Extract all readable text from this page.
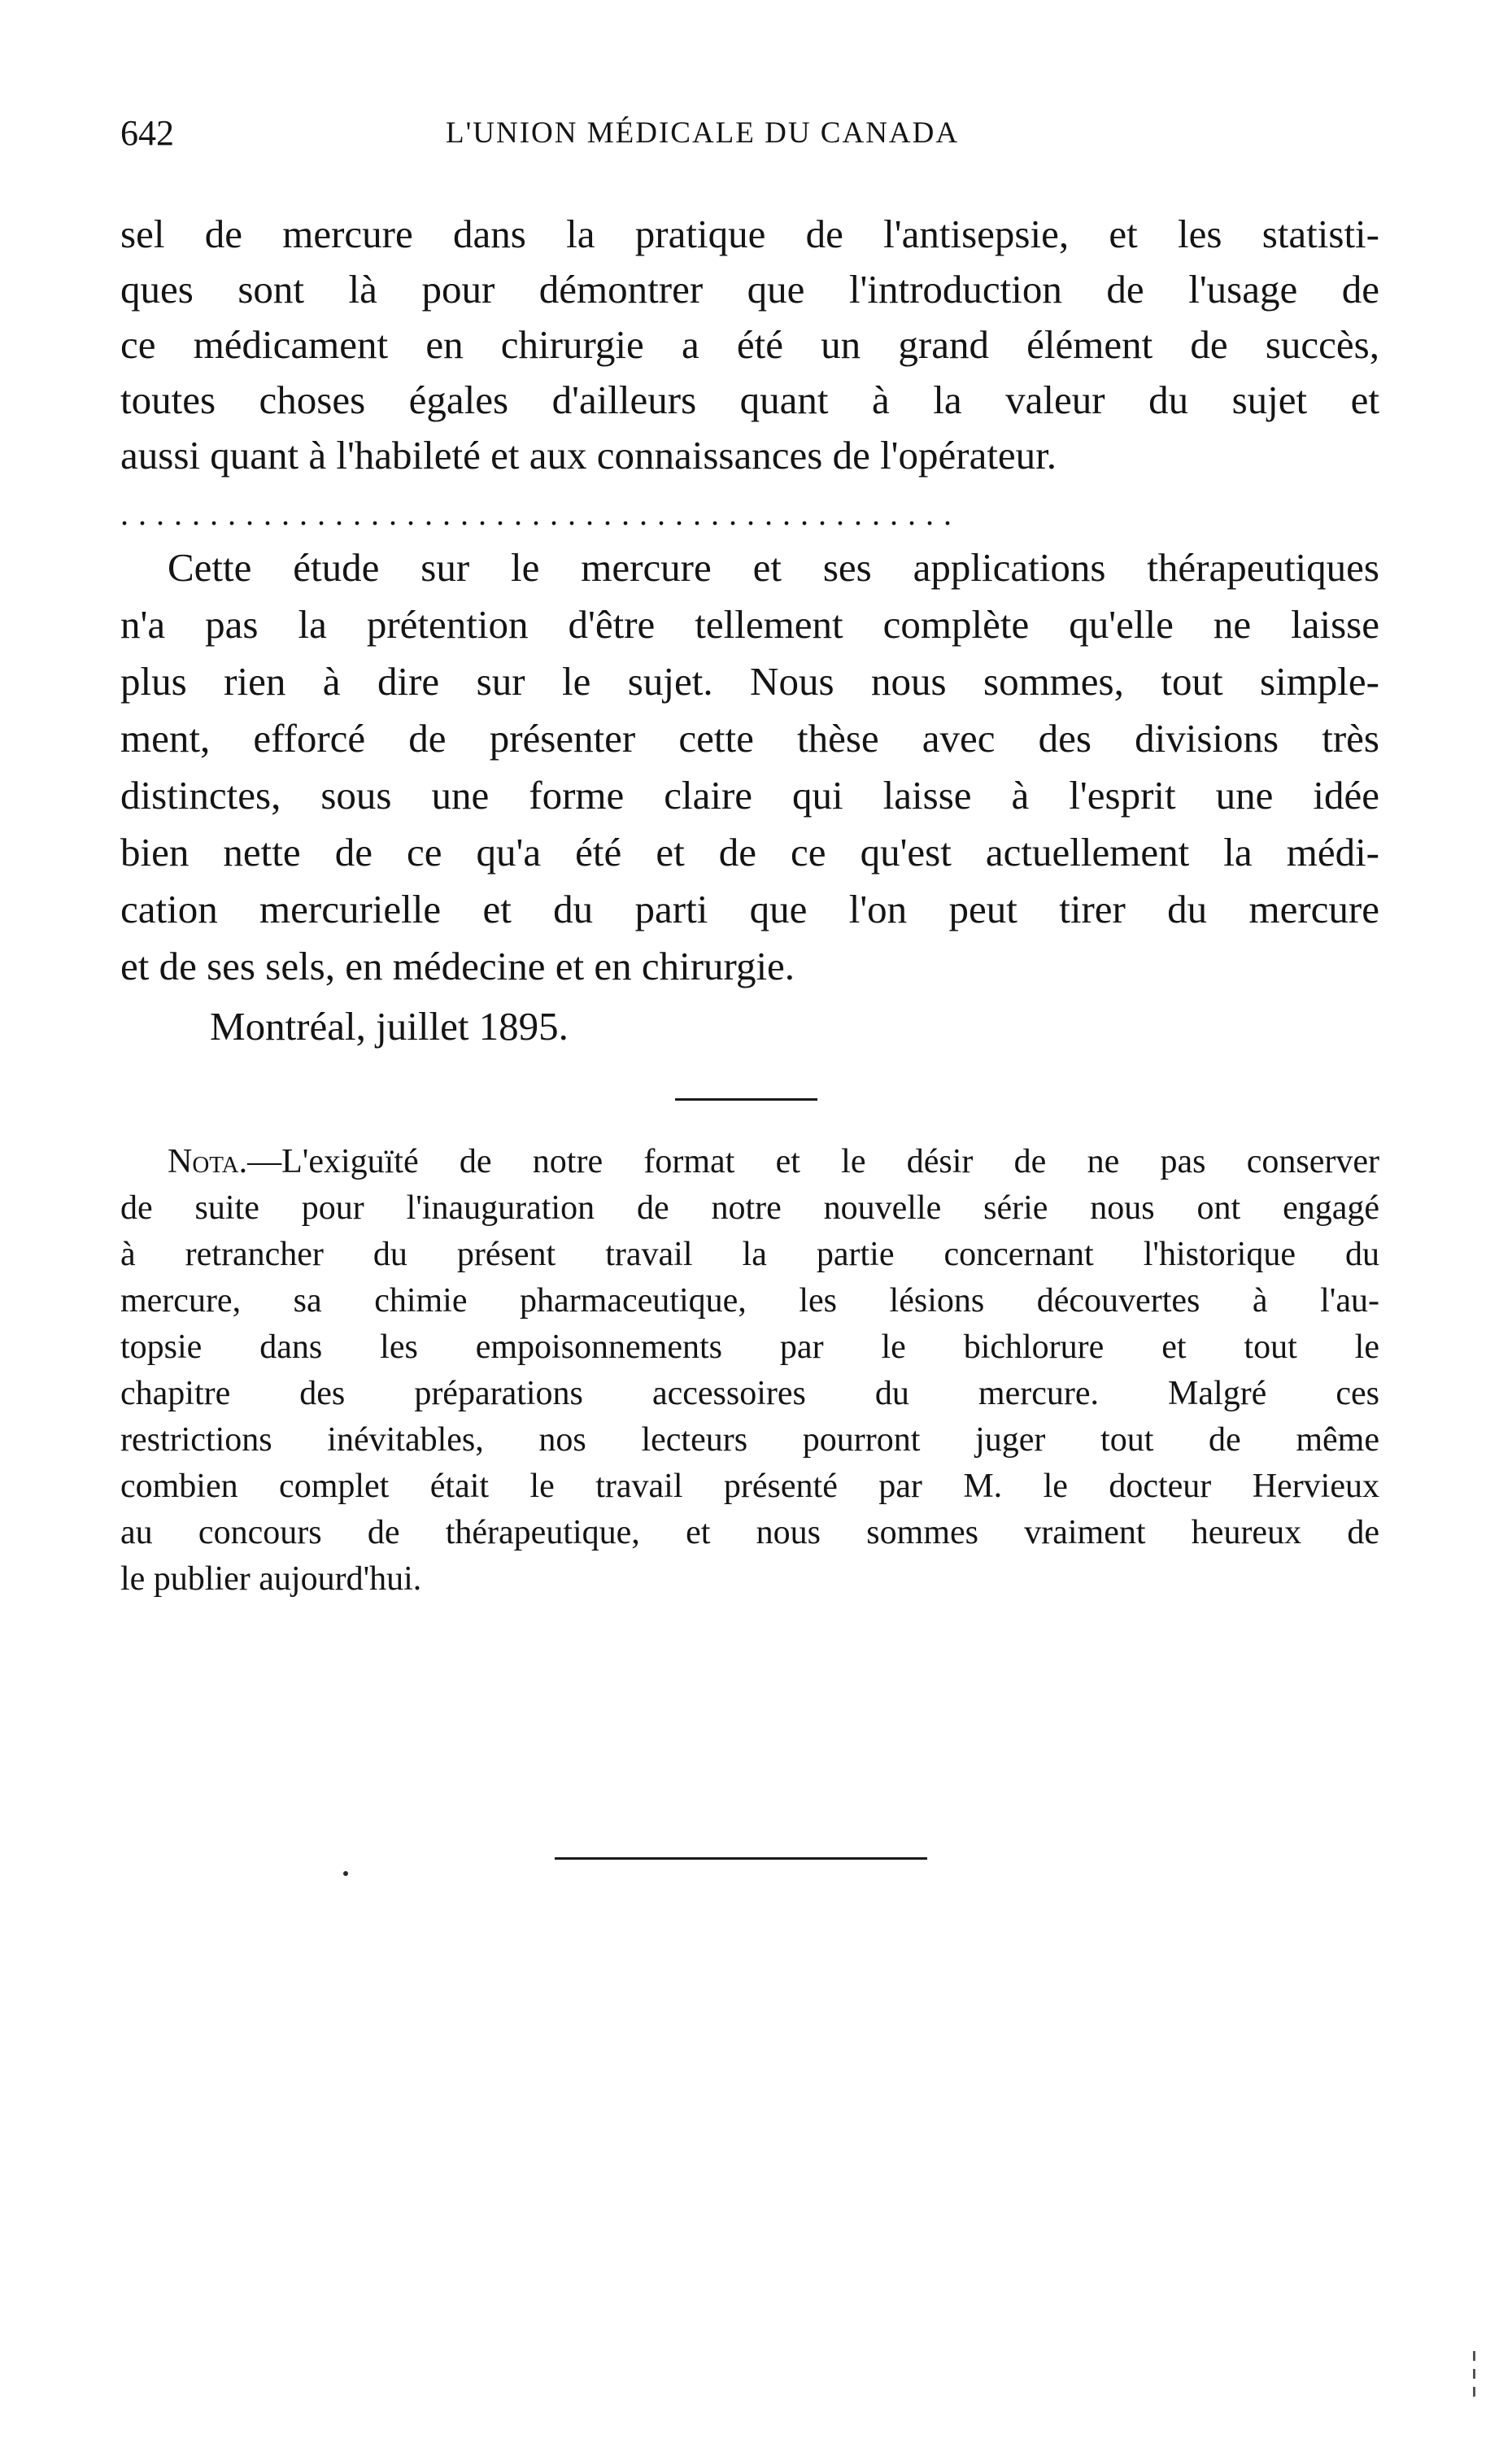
642	L'UNION MÉDICALE DU CANADA
sel de mercure dans la pratique de l'antisepsie, et les statisti-
ques sont là pour démontrer que l'introduction de l'usage de
ce médicament en chirurgie a été un grand élément de succès,
toutes choses égales d'ailleurs quant à la valeur du sujet et
aussi quant à l'habileté et aux connaissances de l'opérateur.
...............................................
Cette étude sur le mercure et ses applications thérapeutiques
n'a pas la prétention d'être tellement complète qu'elle ne laisse
plus rien à dire sur le sujet. Nous nous sommes, tout simple-
ment, efforcé de présenter cette thèse avec des divisions très
distinctes, sous une forme claire qui laisse à l'esprit une idée
bien nette de ce qu'a été et de ce qu'est actuellement la médi-
cation mercurielle et du parti que l'on peut tirer du mercure
et de ses sels, en médecine et en chirurgie.
Montréal, juillet 1895.
Nota.—L'exiguïté de notre format et le désir de ne pas conserver
de suite pour l'inauguration de notre nouvelle série nous ont engagé
à retrancher du présent travail la partie concernant l'historique du
mercure, sa chimie pharmaceutique, les lésions découvertes à l'au-
topsie dans les empoisonnements par le bichlorure et tout le
chapitre des préparations accessoires du mercure. Malgré ces
restrictions inévitables, nos lecteurs pourront juger tout de même
combien complet était le travail présenté par M. le docteur Hervieux
au concours de thérapeutique, et nous sommes vraiment heureux de
le publier aujourd'hui.
